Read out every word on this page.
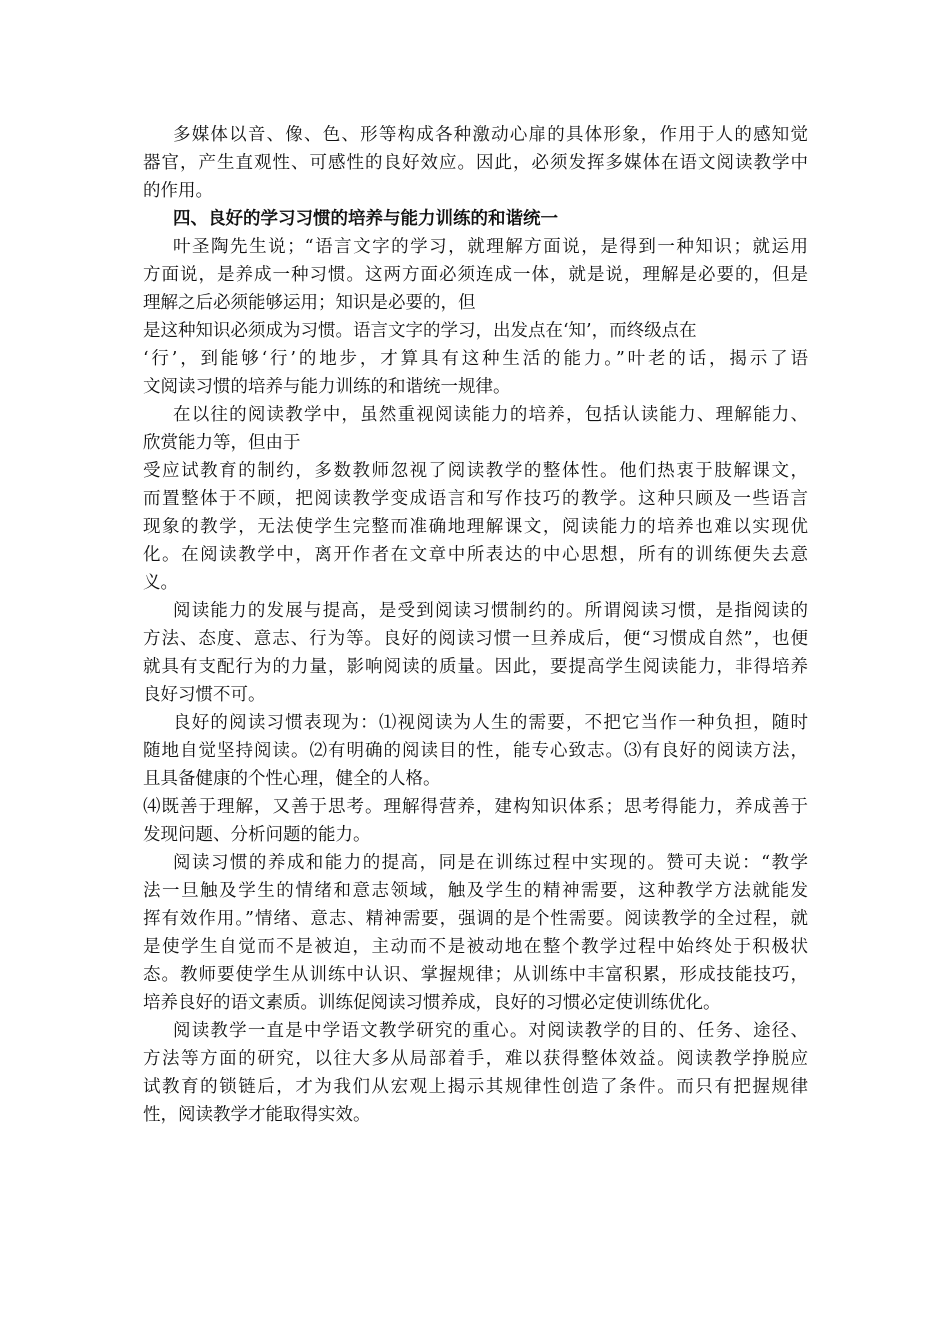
多媒体以音、像、色、形等构成各种激动心扉的具体形象，作用于人的感知觉
器官，产生直观性、可感性的良好效应。因此，必须发挥多媒体在语文阅读教学中
的作用。
四、良好的学习习惯的培养与能力训练的和谐统一
叶圣陶先生说；“语言文字的学习，就理解方面说，是得到一种知识；就运用
方面说，是养成一种习惯。这两方面必须连成一体，就是说，理解是必要的，但是
理解之后必须能够运用；知识是必要的，但
是这种知识必须成为习惯。语言文字的学习，出发点在‘知’，而终级点在
‘行’，到能够‘行’的地步，才算具有这种生活的能力。”叶老的话，揭示了语
文阅读习惯的培养与能力训练的和谐统一规律。
在以往的阅读教学中，虽然重视阅读能力的培养，包括认读能力、理解能力、
欣赏能力等，但由于
受应试教育的制约，多数教师忽视了阅读教学的整体性。他们热衷于肢解课文，
而置整体于不顾，把阅读教学变成语言和写作技巧的教学。这种只顾及一些语言
现象的教学，无法使学生完整而准确地理解课文，阅读能力的培养也难以实现优
化。在阅读教学中，离开作者在文章中所表达的中心思想，所有的训练便失去意
义。
阅读能力的发展与提高，是受到阅读习惯制约的。所谓阅读习惯，是指阅读的
方法、态度、意志、行为等。良好的阅读习惯一旦养成后，便“习惯成自然”，也便
就具有支配行为的力量，影响阅读的质量。因此，要提高学生阅读能力，非得培养
良好习惯不可。
良好的阅读习惯表现为：⑴视阅读为人生的需要，不把它当作一种负担，随时
随地自觉坚持阅读。⑵有明确的阅读目的性，能专心致志。⑶有良好的阅读方法，
且具备健康的个性心理，健全的人格。
⑷既善于理解，又善于思考。理解得营养，建构知识体系；思考得能力，养成善于
发现问题、分析问题的能力。
阅读习惯的养成和能力的提高，同是在训练过程中实现的。赞可夫说：“教学
法一旦触及学生的情绪和意志领域，触及学生的精神需要，这种教学方法就能发
挥有效作用。”情绪、意志、精神需要，强调的是个性需要。阅读教学的全过程，就
是使学生自觉而不是被迫，主动而不是被动地在整个教学过程中始终处于积极状
态。教师要使学生从训练中认识、掌握规律；从训练中丰富积累，形成技能技巧，
培养良好的语文素质。训练促阅读习惯养成，良好的习惯必定使训练优化。
阅读教学一直是中学语文教学研究的重心。对阅读教学的目的、任务、途径、
方法等方面的研究，以往大多从局部着手，难以获得整体效益。阅读教学挣脱应
试教育的锁链后，才为我们从宏观上揭示其规律性创造了条件。而只有把握规律
性，阅读教学才能取得实效。
